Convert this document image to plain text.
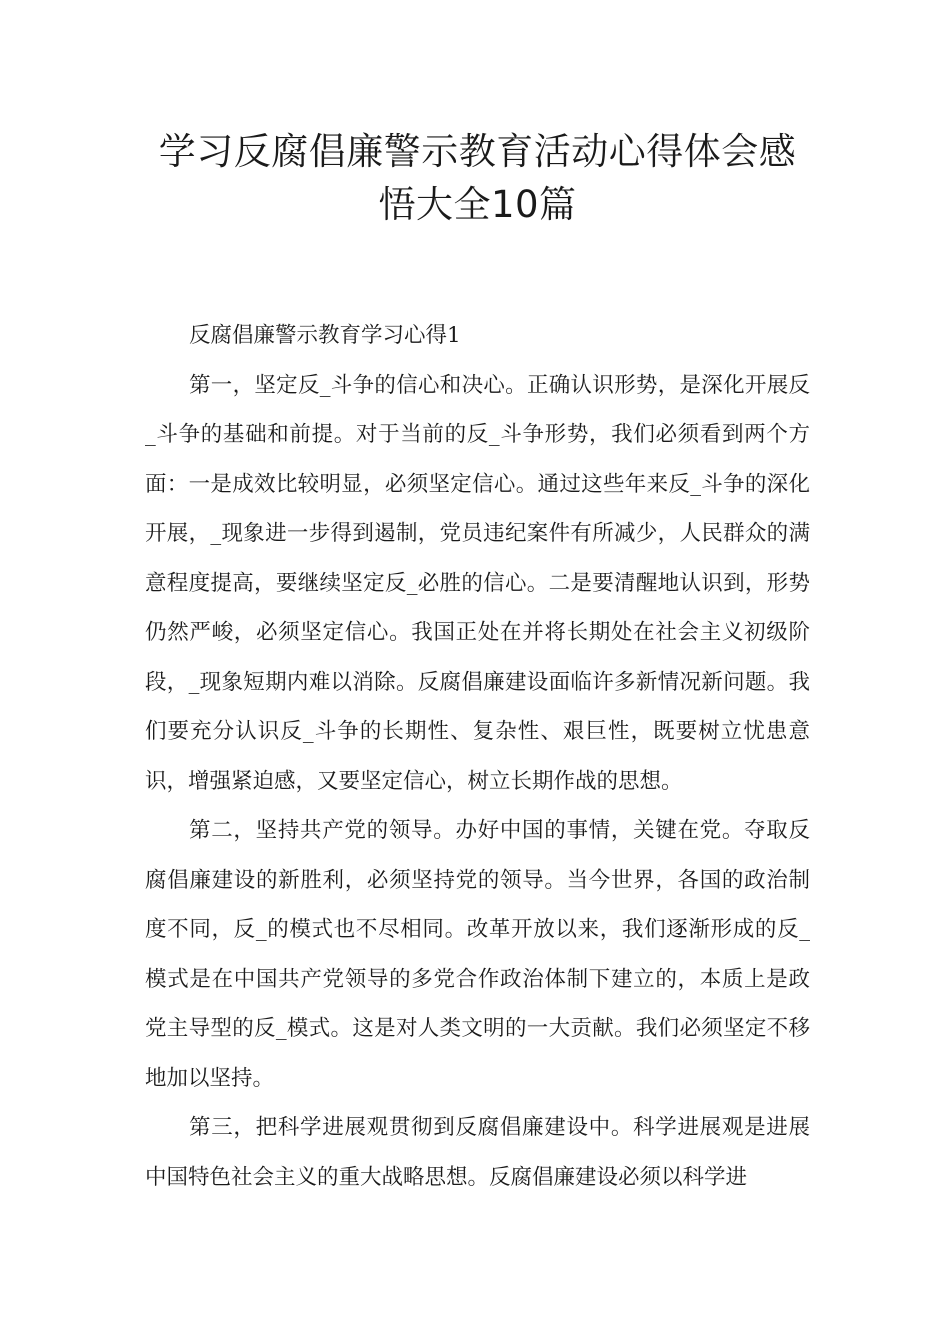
学习反腐倡廉警示教育活动心得体会感
悟大全10篇

反腐倡廉警示教育学习心得1

第一，坚定反_斗争的信心和决心。正确认识形势，是深化开展反_斗争的基础和前提。对于当前的反_斗争形势，我们必须看到两个方面：一是成效比较明显，必须坚定信心。通过这些年来反_斗争的深化开展，_现象进一步得到遏制，党员违纪案件有所减少，人民群众的满意程度提高，要继续坚定反_必胜的信心。二是要清醒地认识到，形势仍然严峻，必须坚定信心。我国正处在并将长期处在社会主义初级阶段，_现象短期内难以消除。反腐倡廉建设面临许多新情况新问题。我们要充分认识反_斗争的长期性、复杂性、艰巨性，既要树立忧患意识，增强紧迫感，又要坚定信心，树立长期作战的思想。

第二，坚持共产党的领导。办好中国的事情，关键在党。夺取反腐倡廉建设的新胜利，必须坚持党的领导。当今世界，各国的政治制度不同，反_的模式也不尽相同。改革开放以来，我们逐渐形成的反_模式是在中国共产党领导的多党合作政治体制下建立的，本质上是政党主导型的反_模式。这是对人类文明的一大贡献。我们必须坚定不移地加以坚持。

第三，把科学进展观贯彻到反腐倡廉建设中。科学进展观是进展中国特色社会主义的重大战略思想。反腐倡廉建设必须以科学进
